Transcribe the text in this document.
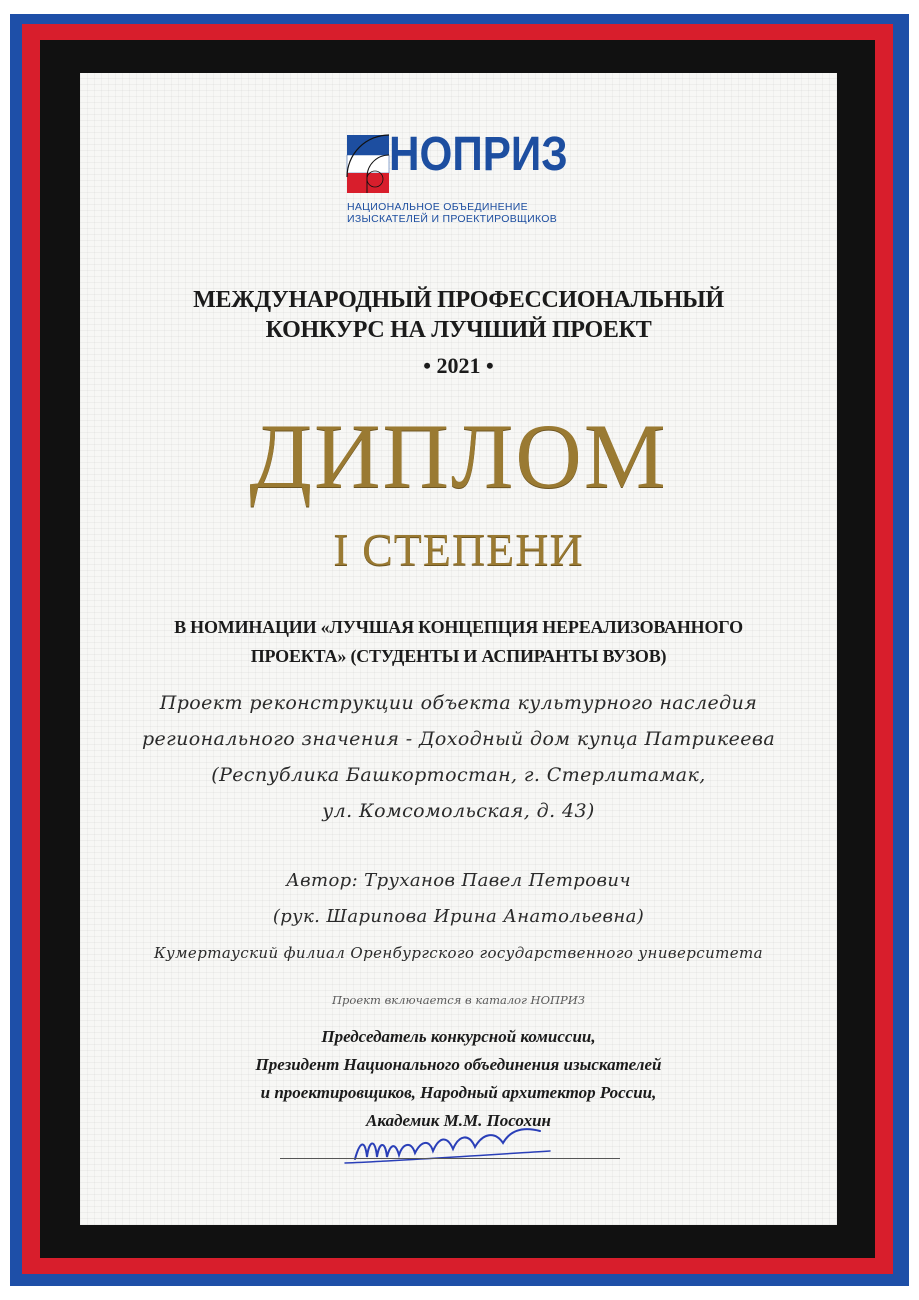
НОПРИЗ
НАЦИОНАЛЬНОЕ ОБЪЕДИНЕНИЕ
ИЗЫСКАТЕЛЕЙ И ПРОЕКТИРОВЩИКОВ
МЕЖДУНАРОДНЫЙ ПРОФЕССИОНАЛЬНЫЙ
КОНКУРС НА ЛУЧШИЙ ПРОЕКТ
• 2021 •
ДИПЛОМ
I СТЕПЕНИ
В НОМИНАЦИИ «ЛУЧШАЯ КОНЦЕПЦИЯ НЕРЕАЛИЗОВАННОГО
ПРОЕКТА» (СТУДЕНТЫ И АСПИРАНТЫ ВУЗОВ)
Проект реконструкции объекта культурного наследия
регионального значения - Доходный дом купца Патрикеева
(Республика Башкортостан, г. Стерлитамак,
ул. Комсомольская, д. 43)
Автор: Труханов Павел Петрович
(рук. Шарипова Ирина Анатольевна)
Кумертауский филиал Оренбургского государственного университета
Проект включается в каталог НОПРИЗ
Председатель конкурсной комиссии,
Президент Национального объединения изыскателей
и проектировщиков, Народный архитектор России,
Академик М.М. Посохин
